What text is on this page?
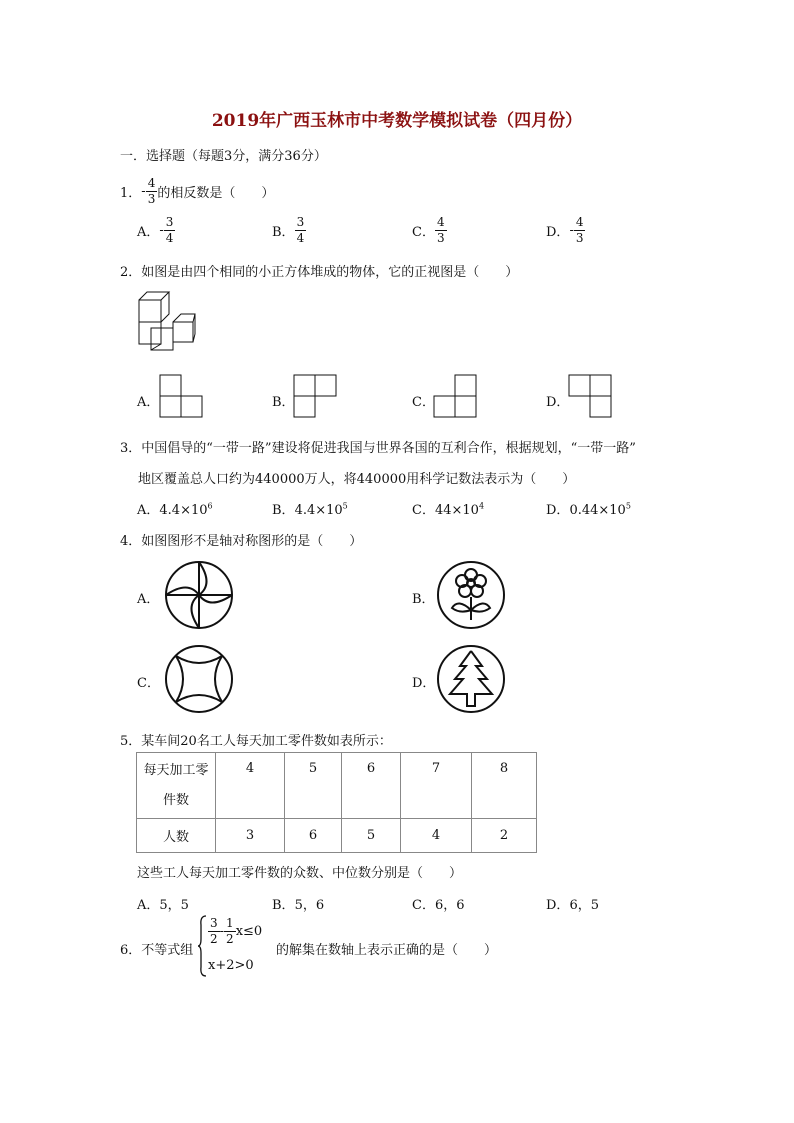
2019年广西玉林市中考数学模拟试卷（四月份）
一．选择题（每题3分，满分36分）
1． - $\frac{4}{3}$ 的相反数是（　　）
A． - $\frac{3}{4}$	B． $\frac{3}{4}$	C． $\frac{4}{3}$	D． - $\frac{4}{3}$
2．如图是由四个相同的小正方体堆成的物体，它的正视图是（　　）
A．	B．	C．	D．
3．中国倡导的“一带一路”建设将促进我国与世界各国的互利合作，根据规划，“一带一路”
地区覆盖总人口约为440000万人，将440000用科学记数法表示为（　　）
A．$4.4\times 10^6$	B．$4.4\times 10^5$	C．$44\times 10^4$	D．$0.44\times 10^5$
4．如图图形不是轴对称图形的是（　　）
A．	B．
C．	D．
5．某车间20名工人每天加工零件数如表所示：
每天加工零
件数	4	5	6	7	8
人数	3	6	5	4	2
这些工人每天加工零件数的众数、中位数分别是（　　）
A．5，5	B．5，6	C．6，6	D．6，5
6．不等式组
$\frac{3}{2} - \frac{1}{2} x\le 0$
x+2>0
的解集在数轴上表示正确的是（　　）
